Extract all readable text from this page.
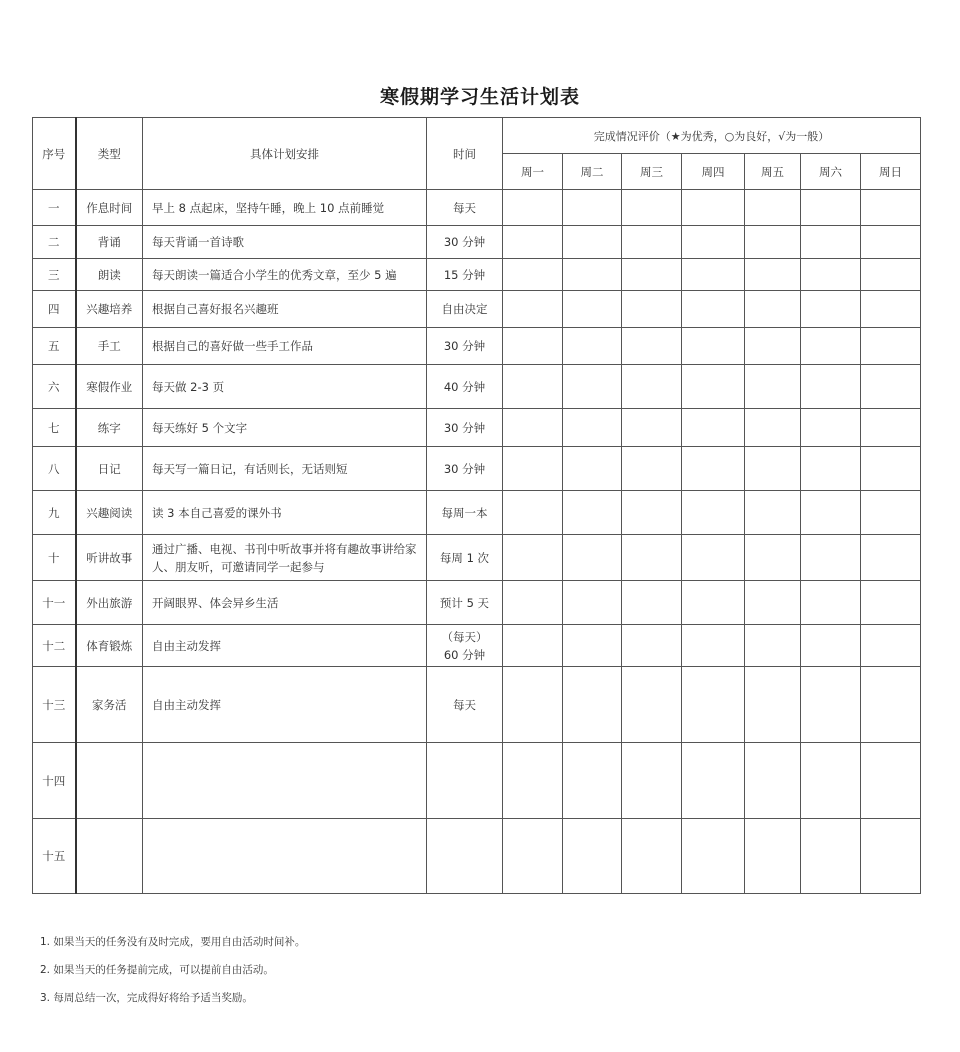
寒假期学习生活计划表
序号	类型	具体计划安排	时间	完成情况评价（★为优秀，○为良好，√为一般）						
				周一	周二	周三	周四	周五	周六	周日
一	作息时间	早上 8 点起床，坚持午睡，晚上 10 点前睡觉	每天							
二	背诵	每天背诵一首诗歌	30 分钟							
三	朗读	每天朗读一篇适合小学生的优秀文章，至少 5 遍	15 分钟							
四	兴趣培养	根据自己喜好报名兴趣班	自由决定							
五	手工	根据自己的喜好做一些手工作品	30 分钟							
六	寒假作业	每天做 2-3 页	40 分钟							
七	练字	每天练好 5 个文字	30 分钟							
八	日记	每天写一篇日记，有话则长，无话则短	30 分钟							
九	兴趣阅读	读 3 本自己喜爱的课外书	每周一本							
十	听讲故事	通过广播、电视、书刊中听故事并将有趣故事讲给家人、朋友听，可邀请同学一起参与	每周 1 次							
十一	外出旅游	开阔眼界、体会异乡生活	预计 5 天							
十二	体育锻炼	自由主动发挥	（每天）
60 分钟							

十三	家务活	自由主动发挥	每天							
十四										
十五										
1. 如果当天的任务没有及时完成，要用自由活动时间补。
2. 如果当天的任务提前完成，可以提前自由活动。
3. 每周总结一次，完成得好将给予适当奖励。
